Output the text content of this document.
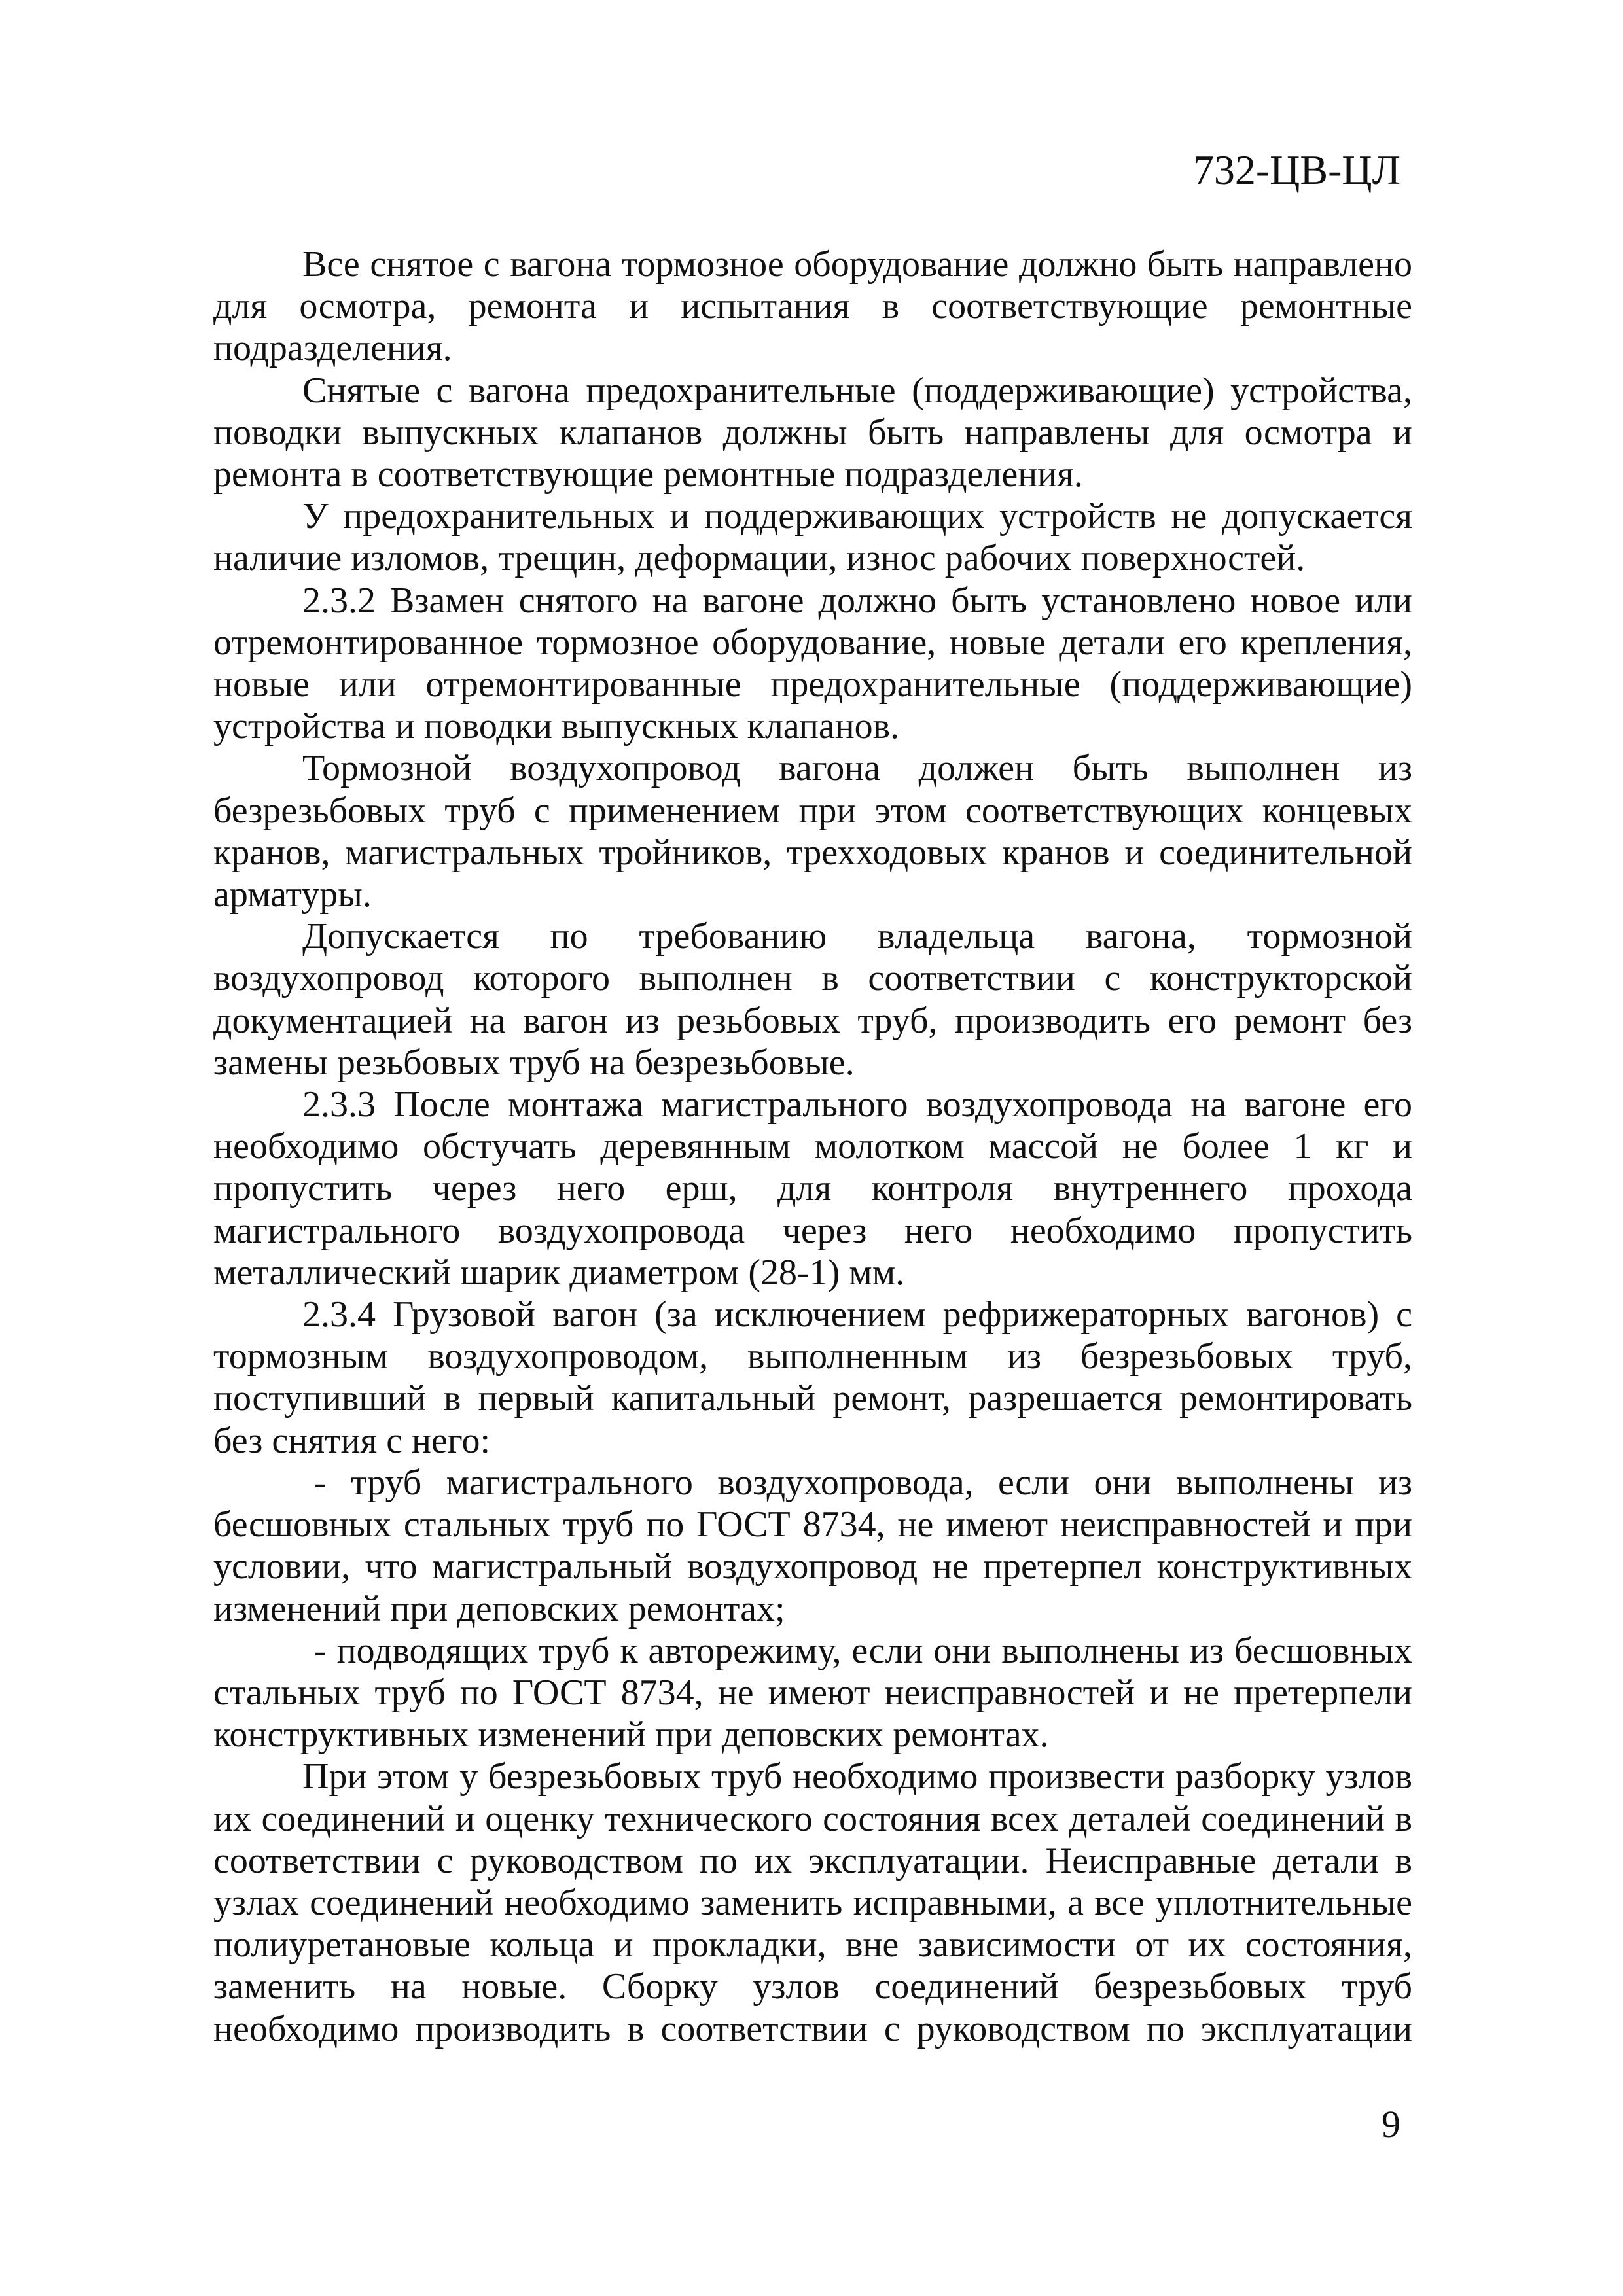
732-ЦВ-ЦЛ

Все снятое с вагона тормозное оборудование должно быть направлено для осмотра, ремонта и испытания в соответствующие ремонтные подразделения.

Снятые с вагона предохранительные (поддерживающие) устройства, поводки выпускных клапанов должны быть направлены для осмотра и ремонта в соответствующие ремонтные подразделения.

У предохранительных и поддерживающих устройств не допускается наличие изломов, трещин, деформации, износ рабочих поверхностей.

2.3.2 Взамен снятого на вагоне должно быть установлено новое или отремонтированное тормозное оборудование, новые детали его крепления, новые или отремонтированные предохранительные (поддерживающие) устройства и поводки выпускных клапанов.

Тормозной воздухопровод вагона должен быть выполнен из безрезьбовых труб с применением при этом соответствующих концевых кранов, магистральных тройников, трехходовых кранов и соединительной арматуры.

Допускается по требованию владельца вагона, тормозной воздухопровод которого выполнен в соответствии с конструкторской документацией на вагон из резьбовых труб, производить его ремонт без замены резьбовых труб на безрезьбовые.

2.3.3 После монтажа магистрального воздухопровода на вагоне его необходимо обстучать деревянным молотком массой не более 1 кг и пропустить через него ерш, для контроля внутреннего прохода магистрального воздухопровода через него необходимо пропустить металлический шарик диаметром (28-1) мм.

2.3.4 Грузовой вагон (за исключением рефрижераторных вагонов) с тормозным воздухопроводом, выполненным из безрезьбовых труб, поступивший в первый капитальный ремонт, разрешается ремонтировать без снятия с него:

- труб магистрального воздухопровода, если они выполнены из бесшовных стальных труб по ГОСТ 8734, не имеют неисправностей и при условии, что магистральный воздухопровод не претерпел конструктивных изменений при деповских ремонтах;

- подводящих труб к авторежиму, если они выполнены из бесшовных стальных труб по ГОСТ 8734, не имеют неисправностей и не претерпели конструктивных изменений при деповских ремонтах.

При этом у безрезьбовых труб необходимо произвести разборку узлов их соединений и оценку технического состояния всех деталей соединений в соответствии с руководством по их эксплуатации. Неисправные детали в узлах соединений необходимо заменить исправными, а все уплотнительные полиуретановые кольца и прокладки, вне зависимости от их состояния, заменить на новые. Сборку узлов соединений безрезьбовых труб необходимо производить в соответствии с руководством по эксплуатации

9
